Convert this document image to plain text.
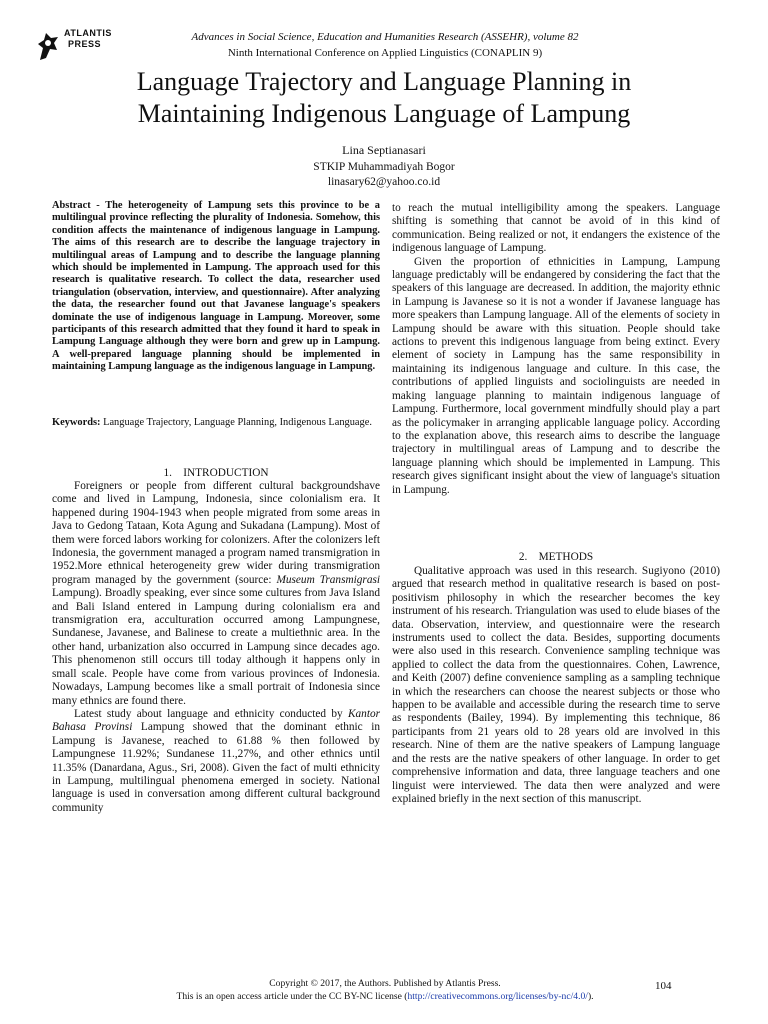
ATLANTIS
PRESS
Advances in Social Science, Education and Humanities Research (ASSEHR), volume 82
Ninth International Conference on Applied Linguistics (CONAPLIN 9)
Language Trajectory and Language Planning in
Maintaining Indigenous Language of Lampung
Lina Septianasari
STKIP Muhammadiyah Bogor
linasary62@yahoo.co.id
Abstract - The heterogeneity of Lampung sets this province to be a multilingual province reflecting the plurality of Indonesia. Somehow, this condition affects the maintenance of indigenous language in Lampung. The aims of this research are to describe the language trajectory in multilingual areas of Lampung and to describe the language planning which should be implemented in Lampung. The approach used for this research is qualitative research. To collect the data, researcher used triangulation (observation, interview, and questionnaire). After analyzing the data, the researcher found out that Javanese language's speakers dominate the use of indigenous language in Lampung. Moreover, some participants of this research admitted that they found it hard to speak in Lampung Language although they were born and grew up in Lampung. A well-prepared language planning should be implemented in maintaining Lampung language as the indigenous language in Lampung.
Keywords: Language Trajectory, Language Planning, Indigenous Language.
1.    INTRODUCTION

Foreigners or people from different cultural backgroundshave come and lived in Lampung, Indonesia, since colonialism era. It happened during 1904-1943 when people migrated from some areas in Java to Gedong Tataan, Kota Agung and Sukadana (Lampung). Most of them were forced labors working for colonizers. After the colonizers left Indonesia, the government managed a program named transmigration in 1952.More ethnical heterogeneity grew wider during transmigration program managed by the government (source: Museum Transmigrasi Lampung). Broadly speaking, ever since some cultures from Java Island and Bali Island entered in Lampung during colonialism era and transmigration era, acculturation occurred among Lampungnese, Sundanese, Javanese, and Balinese to create a multiethnic area. In the other hand, urbanization also occurred in Lampung since decades ago. This phenomenon still occurs till today although it happens only in small scale. People have come from various provinces of Indonesia. Nowadays, Lampung becomes like a small portrait of Indonesia since many ethnics are found there.

Latest study about language and ethnicity conducted by Kantor Bahasa Provinsi Lampung showed that the dominant ethnic in Lampung is Javanese, reached to 61.88 % then followed by Lampungnese 11.92%; Sundanese 11.,27%, and other ethnics until 11.35% (Danardana, Agus., Sri, 2008). Given the fact of multi ethnicity in Lampung, multilingual phenomena emerged in society. National language is used in conversation among different cultural background community

to reach the mutual intelligibility among the speakers. Language shifting is something that cannot be avoid of in this kind of communication. Being realized or not, it endangers the existence of the indigenous language of Lampung.

Given the proportion of ethnicities in Lampung, Lampung language predictably will be endangered by considering the fact that the speakers of this language are decreased. In addition, the majority ethnic in Lampung is Javanese so it is not a wonder if Javanese language has more speakers than Lampung language. All of the elements of society in Lampung should be aware with this situation. People should take actions to prevent this indigenous language from being extinct. Every element of society in Lampung has the same responsibility in maintaining its indigenous language and culture. In this case, the contributions of applied linguists and sociolinguists are needed in making language planning to maintain indigenous language of Lampung. Furthermore, local government mindfully should play a part as the policymaker in arranging applicable language policy. According to the explanation above, this research aims to describe the language trajectory in multilingual areas of Lampung and to describe the language planning which should be implemented in Lampung. This research gives significant insight about the view of language's situation in Lampung.

2.    METHODS

Qualitative approach was used in this research. Sugiyono (2010) argued that research method in qualitative research is based on post-positivism philosophy in which the researcher becomes the key instrument of his research. Triangulation was used to elude biases of the data. Observation, interview, and questionnaire were the research instruments used to collect the data. Besides, supporting documents were also used in this research. Convenience sampling technique was applied to collect the data from the questionnaires. Cohen, Lawrence, and Keith (2007) define convenience sampling as a sampling technique in which the researchers can choose the nearest subjects or those who happen to be available and accessible during the research time to serve as respondents (Bailey, 1994). By implementing this technique, 86 participants from 21 years old to 28 years old are involved in this research. Nine of them are the native speakers of Lampung language and the rests are the native speakers of other language. In order to get comprehensive information and data, three language teachers and one linguist were interviewed. The data then were analyzed and were explained briefly in the next section of this manuscript.

Copyright © 2017, the Authors. Published by Atlantis Press.
This is an open access article under the CC BY-NC license (http://creativecommons.org/licenses/by-nc/4.0/).
104
